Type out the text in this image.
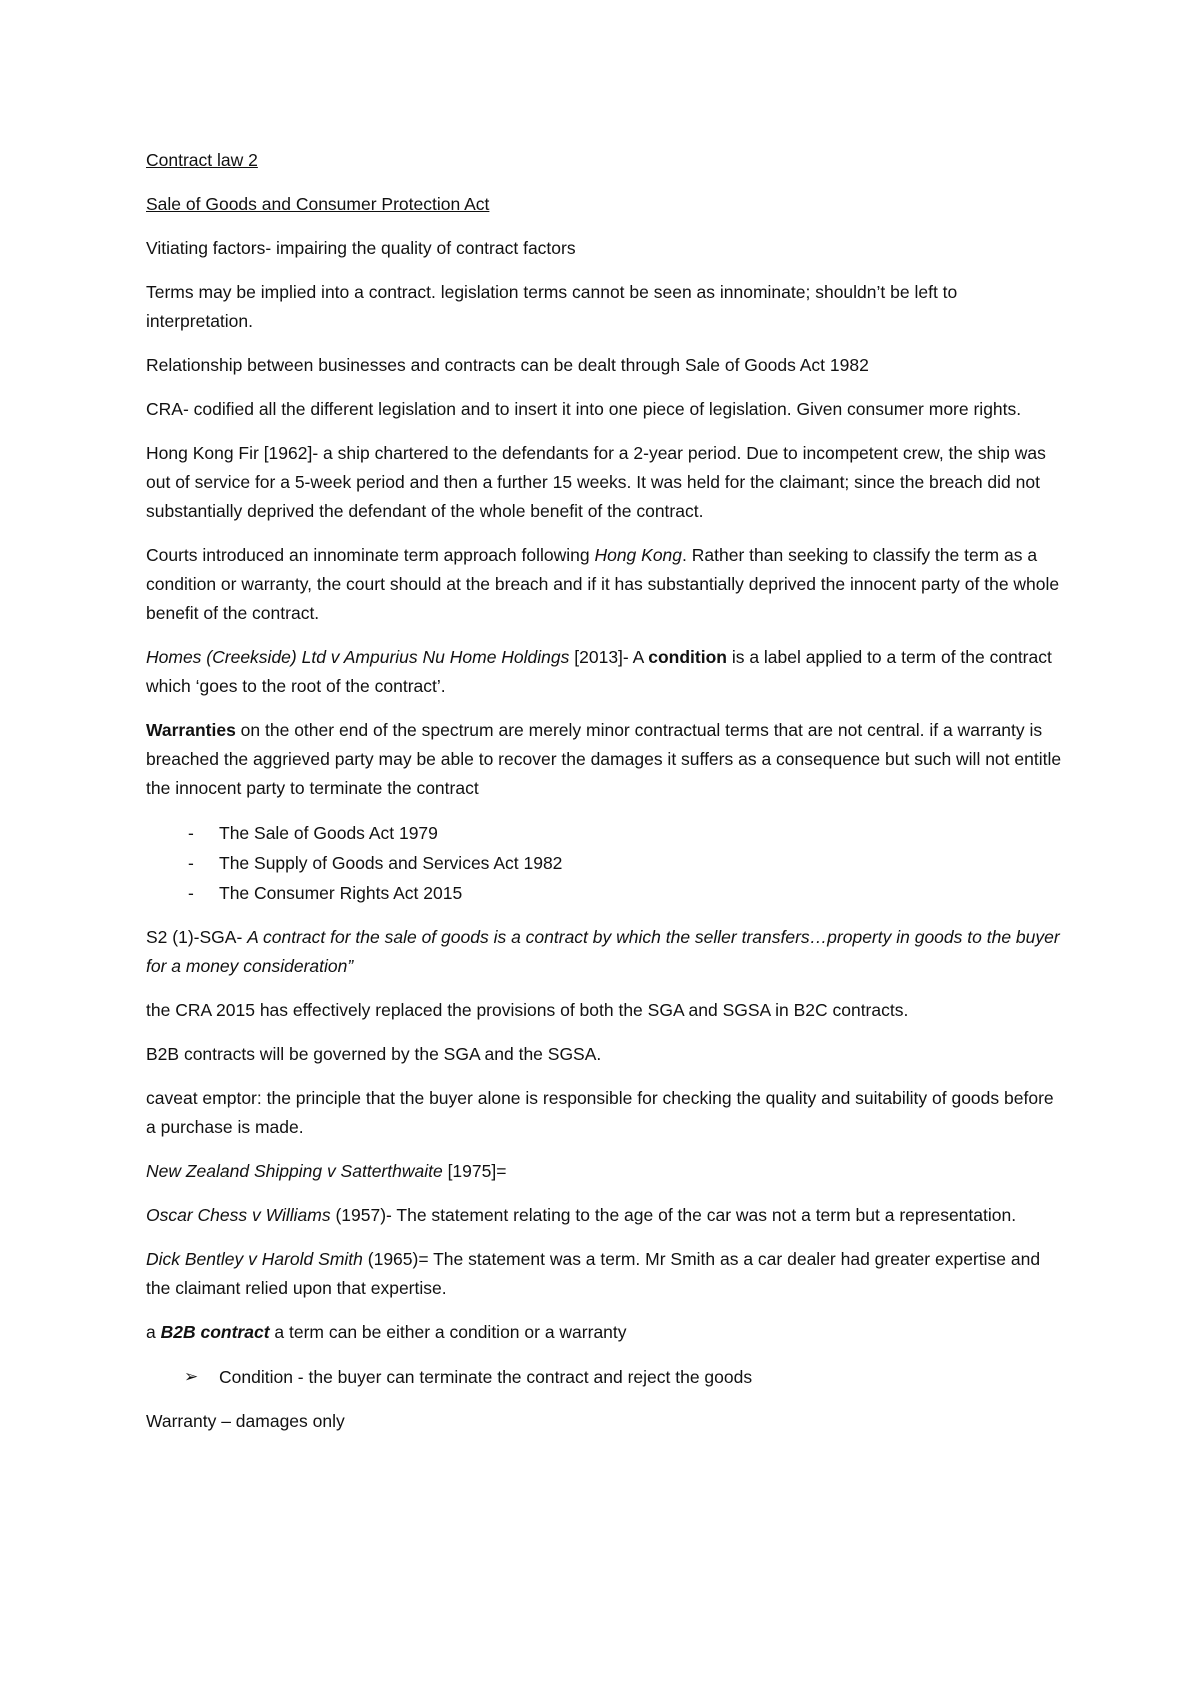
Contract law 2

Sale of Goods and Consumer Protection Act

Vitiating factors- impairing the quality of contract factors

Terms may be implied into a contract. legislation terms cannot be seen as innominate; shouldn’t be left to interpretation.

Relationship between businesses and contracts can be dealt through Sale of Goods Act 1982

CRA- codified all the different legislation and to insert it into one piece of legislation. Given consumer more rights.

Hong Kong Fir [1962]- a ship chartered to the defendants for a 2-year period. Due to incompetent crew, the ship was out of service for a 5-week period and then a further 15 weeks. It was held for the claimant; since the breach did not substantially deprived the defendant of the whole benefit of the contract.

Courts introduced an innominate term approach following Hong Kong. Rather than seeking to classify the term as a condition or warranty, the court should at the breach and if it has substantially deprived the innocent party of the whole benefit of the contract.

Homes (Creekside) Ltd v Ampurius Nu Home Holdings [2013]- A condition is a label applied to a term of the contract which ‘goes to the root of the contract’.

Warranties on the other end of the spectrum are merely minor contractual terms that are not central. if a warranty is breached the aggrieved party may be able to recover the damages it suffers as a consequence but such will not entitle the innocent party to terminate the contract

- The Sale of Goods Act 1979
- The Supply of Goods and Services Act 1982
- The Consumer Rights Act 2015

S2 (1)-SGA- A contract for the sale of goods is a contract by which the seller transfers…property in goods to the buyer for a money consideration”

the CRA 2015 has effectively replaced the provisions of both the SGA and SGSA in B2C contracts.

B2B contracts will be governed by the SGA and the SGSA.

caveat emptor: the principle that the buyer alone is responsible for checking the quality and suitability of goods before a purchase is made.

New Zealand Shipping v Satterthwaite [1975]=

Oscar Chess v Williams (1957)- The statement relating to the age of the car was not a term but a representation.

Dick Bentley v Harold Smith (1965)= The statement was a term. Mr Smith as a car dealer had greater expertise and the claimant relied upon that expertise.

a B2B contract a term can be either a condition or a warranty

➢ Condition - the buyer can terminate the contract and reject the goods

Warranty – damages only
